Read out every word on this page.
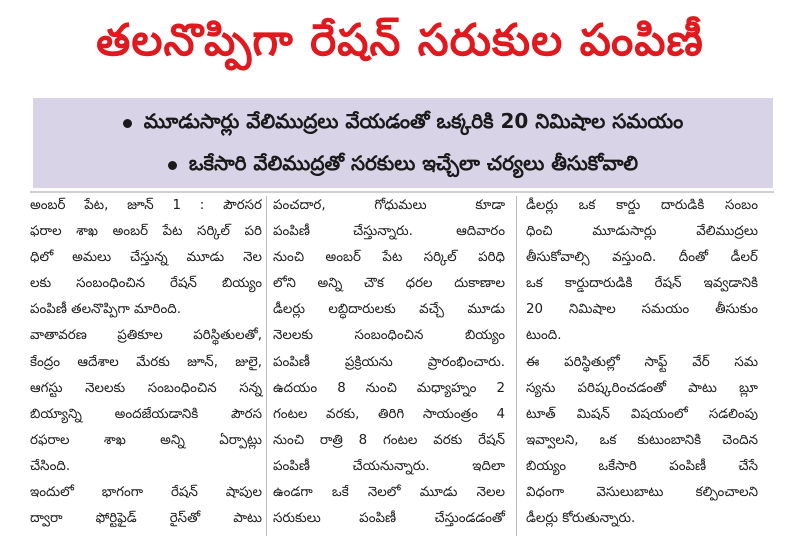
తలనొప్పిగా రేషన్ సరుకుల పంపిణీ
మూడుసార్లు వేలిముద్రలు వేయడంతో ఒక్కరికి 20 నిమిషాల సమయం
ఒకేసారి వేలిముద్రతో సరకులు ఇచ్చేలా చర్యలు తీసుకోవాలి

అంబర్ పేట, జూన్ 1 : పౌరసర

ఫరాల శాఖ అంబర్ పేట సర్కిల్ పరి

ధిలో అమలు చేస్తున్న మూడు నెల

లకు సంబంధించిన రేషన్ బియ్యం

పంపిణీ తలనొప్పిగా మారింది.

వాతావరణ ప్రతికూల పరిస్థితులతో,

కేంద్రం ఆదేశాల మేరకు జూన్, జులై,

ఆగస్టు నెలలకు సంబంధించిన సన్న

బియ్యాన్ని అందజేయడానికి పౌరస

రఫరాల శాఖ అన్ని ఏర్పాట్లు

చేసింది.

ఇందులో భాగంగా రేషన్ షాపుల

ద్వారా ఫోర్టిఫైడ్ రైస్‌తో పాటు

పంచదార, గోధుమలు కూడా

పంపిణీ చేస్తున్నారు. ఆదివారం

నుంచి అంబర్ పేట సర్కిల్ పరిధి

లోని అన్ని చౌక ధరల దుకాణాల

డీలర్లు లబ్ధిదారులకు వచ్చే మూడు

నెలలకు సంబంధించిన బియ్యం

పంపిణీ ప్రక్రియను ప్రారంభించారు.

ఉదయం 8 నుంచి మధ్యాహ్నం 2

గంటల వరకు, తిరిగి సాయంత్రం 4

నుంచి రాత్రి 8 గంటల వరకు రేషన్

పంపిణీ చేయనున్నారు. ఇదిలా

ఉండగా ఒకే నెలలో మూడు నెలల

సరుకులు పంపిణీ చేస్తుండడంతో

డీలర్లు ఒక కార్డు దారుడికి సంబం

ధించి మూడుసార్లు వేలిముద్రలు

తీసుకోవాల్సి వస్తుంది. దీంతో డీలర్

ఒక కార్డుదారుడికి రేషన్ ఇవ్వడానికి

20 నిమిషాల సమయం తీసుకుం

టుంది.

ఈ పరిస్థితుల్లో సాఫ్ట్ వేర్ సమ

స్యను పరిష్కరించడంతో పాటు బ్లూ

టూత్ మిషన్ విషయంలో సడలింపు

ఇవ్వాలని, ఒక కుటుంబానికి చెందిన

బియ్యం ఒకేసారి పంపిణీ చేసే

విధంగా వెసులుబాటు కల్పించాలని

డీలర్లు కోరుతున్నారు.
